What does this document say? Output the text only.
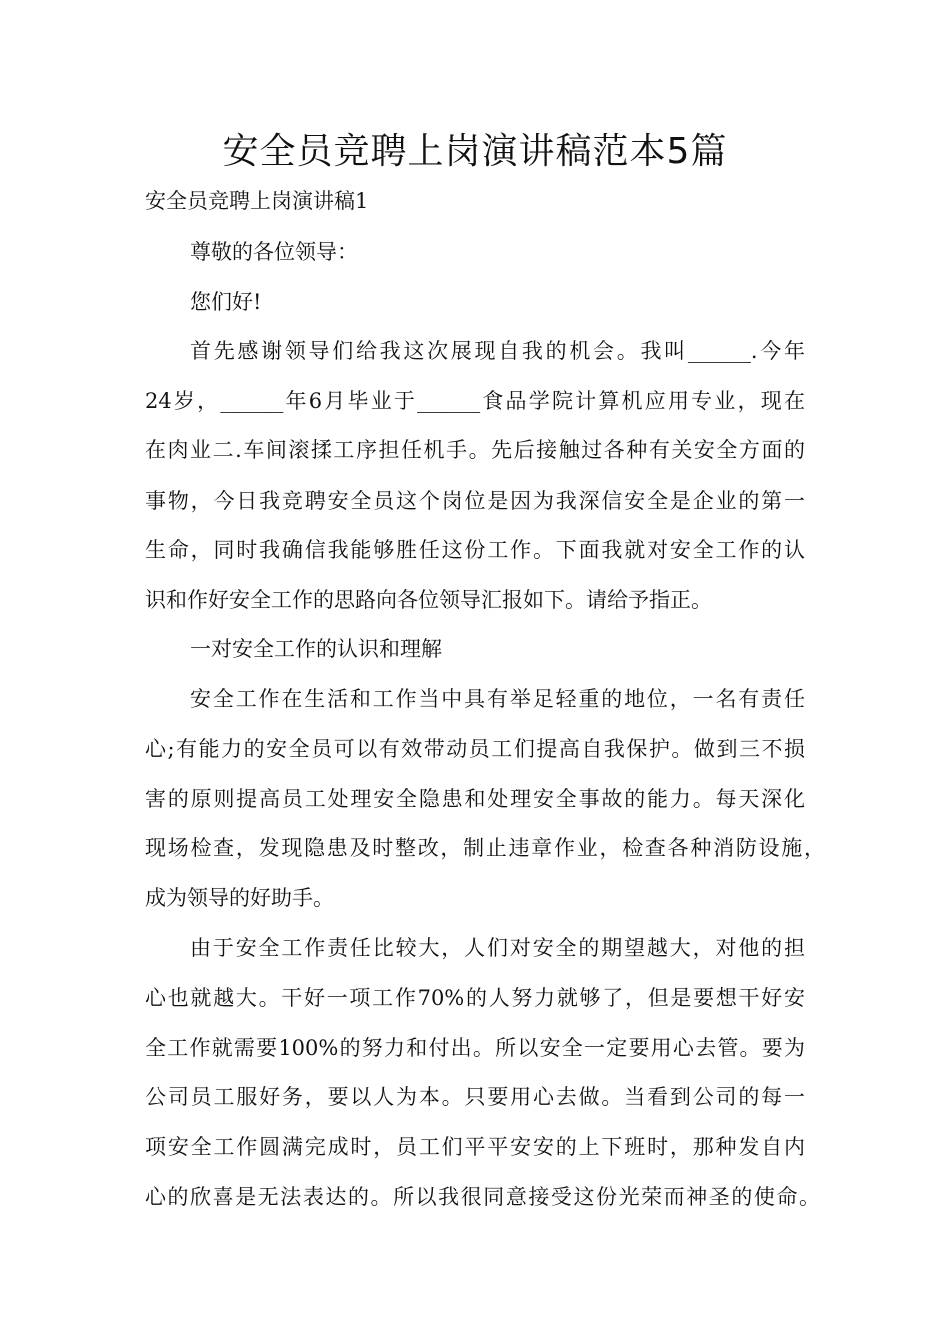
安全员竞聘上岗演讲稿范本5篇

安全员竞聘上岗演讲稿1

尊敬的各位领导：

您们好!

首先感谢领导们给我这次展现自我的机会。我叫______.今年

24岁，______年6月毕业于______食品学院计算机应用专业，现在

在肉业二.车间滚揉工序担任机手。先后接触过各种有关安全方面的

事物，今日我竞聘安全员这个岗位是因为我深信安全是企业的第一

生命，同时我确信我能够胜任这份工作。下面我就对安全工作的认

识和作好安全工作的思路向各位领导汇报如下。请给予指正。

一对安全工作的认识和理解

安全工作在生活和工作当中具有举足轻重的地位，一名有责任

心;有能力的安全员可以有效带动员工们提高自我保护。做到三不损

害的原则提高员工处理安全隐患和处理安全事故的能力。每天深化

现场检查，发现隐患及时整改，制止违章作业，检查各种消防设施，

成为领导的好助手。

由于安全工作责任比较大，人们对安全的期望越大，对他的担

心也就越大。干好一项工作70%的人努力就够了，但是要想干好安

全工作就需要100%的努力和付出。所以安全一定要用心去管。要为

公司员工服好务，要以人为本。只要用心去做。当看到公司的每一

项安全工作圆满完成时，员工们平平安安的上下班时，那种发自内

心的欣喜是无法表达的。所以我很同意接受这份光荣而神圣的使命。
